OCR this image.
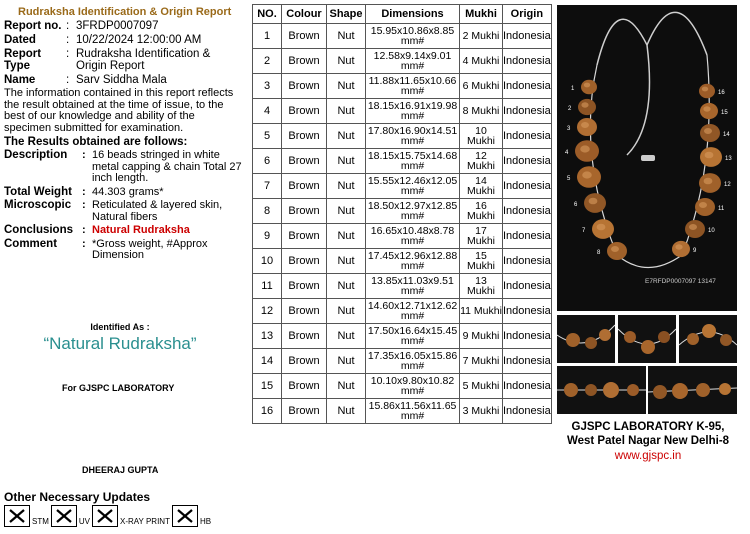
Rudraksha Identification & Origin Report
Report no. : 3FRDP0007097
Dated	: 10/22/2024 12:00:00 AM
Report Type
: Rudraksha Identification & Origin Report
Name	: Sarv Siddha Mala
The information contained in this report reflects the result obtained at the time of issue, to the best of our knowledge and ability of the specimen submitted for examination.
The Results obtained are follows:
Description	: 16 beads stringed in white metal capping & chain Total 27 inch length.
Total Weight : 44.303 grams*
Microscopic : Reticulated & layered skin, Natural fibers
Conclusions : Natural Rudraksha
Comment	: *Gross weight, #Approx Dimension
Identified As :
“Natural Rudraksha”
For GJSPC LABORATORY
DHEERAJ GUPTA
Other Necessary Updates
STM	UV	X-RAY PRINT	HB
NO.	Colour	Shape	Dimensions	Mukhi	Origin
1	Brown	Nut	15.95x10.86x8.85 mm#	2 Mukhi	Indonesia
2	Brown	Nut	12.58x9.14x9.01 mm#	4 Mukhi	Indonesia
3	Brown	Nut	11.88x11.65x10.66 mm#	6 Mukhi	Indonesia
4	Brown	Nut	18.15x16.91x19.98 mm#	8 Mukhi	Indonesia
5	Brown	Nut	17.80x16.90x14.51 mm#	10 Mukhi	Indonesia
6	Brown	Nut	18.15x15.75x14.68 mm#	12 Mukhi	Indonesia
7	Brown	Nut	15.55x12.46x12.05 mm#	14 Mukhi	Indonesia
8	Brown	Nut	18.50x12.97x12.85 mm#	16 Mukhi	Indonesia
9	Brown	Nut	16.65x10.48x8.78 mm#	17 Mukhi	Indonesia
10	Brown	Nut	17.45x12.96x12.88 mm#	15 Mukhi	Indonesia
11	Brown	Nut	13.85x11.03x9.51 mm#	13 Mukhi	Indonesia
12	Brown	Nut	14.60x12.71x12.62 mm#	11 Mukhi	Indonesia
13	Brown	Nut	17.50x16.64x15.45 mm#	9 Mukhi	Indonesia
14	Brown	Nut	17.35x16.05x15.86 mm#	7 Mukhi	Indonesia
15	Brown	Nut	10.10x9.80x10.82 mm#	5 Mukhi	Indonesia
16	Brown	Nut	15.86x11.56x11.65 mm#	3 Mukhi	Indonesia
1
2
3
4
5
6
7
8
16
15
14
13
12
11
10
9
E7RFDP0007097 13147
GJSPC LABORATORY K-95,
West Patel Nagar New Delhi-8
www.gjspc.in
